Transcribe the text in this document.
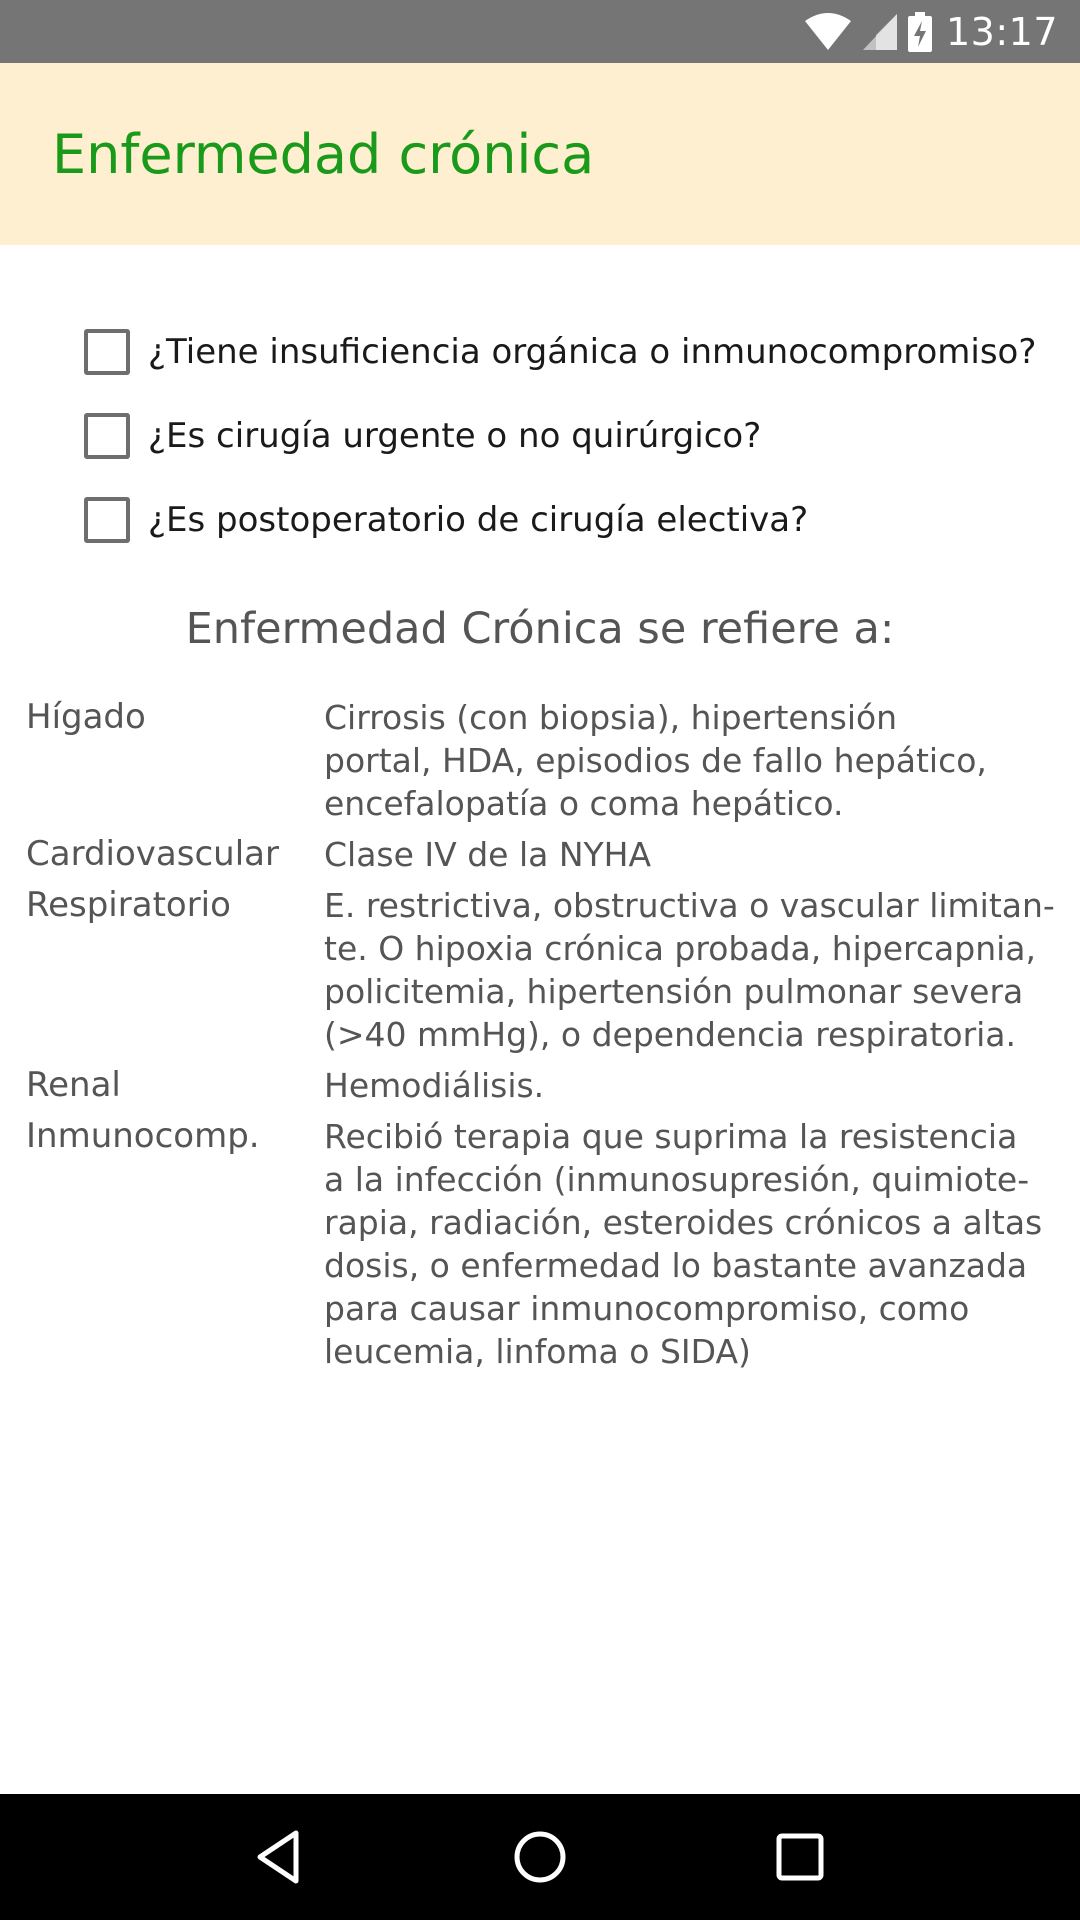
13:17
Enfermedad crónica
¿Tiene insuficiencia orgánica o inmunocompromiso?
¿Es cirugía urgente o no quirúrgico?
¿Es postoperatorio de cirugía electiva?
Enfermedad Crónica se refiere a:
Hígado	Cirrosis (con biopsia), hipertensión
portal, HDA, episodios de fallo hepático,
encefalopatía o coma hepático.
Cardiovascular	Clase IV de la NYHA
Respiratorio	E. restrictiva, obstructiva o vascular limitan-
te. O hipoxia crónica probada, hipercapnia,
policitemia, hipertensión pulmonar severa
(>40 mmHg), o dependencia respiratoria.
Renal	Hemodiálisis.
Inmunocomp.	Recibió terapia que suprima la resistencia
a la infección (inmunosupresión, quimiote-
rapia, radiación, esteroides crónicos a altas
dosis, o enfermedad lo bastante avanzada
para causar inmunocompromiso, como
leucemia, linfoma o SIDA)
